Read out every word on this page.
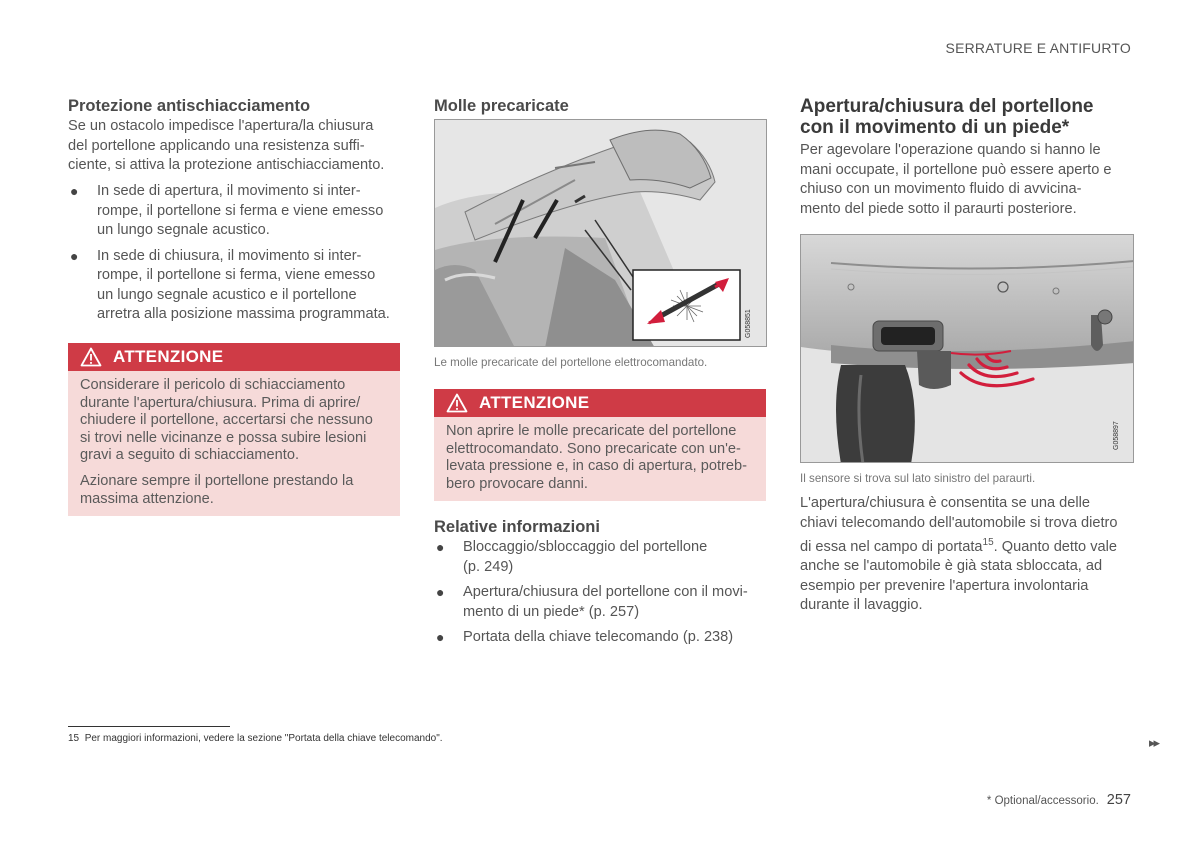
SERRATURE E ANTIFURTO
Protezione antischiacciamento
Se un ostacolo impedisce l'apertura/la chiusura
del portellone applicando una resistenza suffi-
ciente, si attiva la protezione antischiacciamento.
● In sede di apertura, il movimento si inter-
rompe, il portellone si ferma e viene emesso
un lungo segnale acustico.
● In sede di chiusura, il movimento si inter-
rompe, il portellone si ferma, viene emesso
un lungo segnale acustico e il portellone
arretra alla posizione massima programmata.
ATTENZIONE
Considerare il pericolo di schiacciamento
durante l'apertura/chiusura. Prima di aprire/
chiudere il portellone, accertarsi che nessuno
si trovi nelle vicinanze e possa subire lesioni
gravi a seguito di schiacciamento.
Azionare sempre il portellone prestando la
massima attenzione.
Molle precaricate
G058851
Le molle precaricate del portellone elettrocomandato.
ATTENZIONE
Non aprire le molle precaricate del portellone
elettrocomandato. Sono precaricate con un'e-
levata pressione e, in caso di apertura, potreb-
bero provocare danni.
Relative informazioni
● Bloccaggio/sbloccaggio del portellone
(p. 249)
● Apertura/chiusura del portellone con il movi-
mento di un piede* (p. 257)
● Portata della chiave telecomando (p. 238)
Apertura/chiusura del portellone
con il movimento di un piede*
Per agevolare l'operazione quando si hanno le
mani occupate, il portellone può essere aperto e
chiuso con un movimento fluido di avvicina-
mento del piede sotto il paraurti posteriore.
G058897
Il sensore si trova sul lato sinistro del paraurti.
L'apertura/chiusura è consentita se una delle
chiavi telecomando dell'automobile si trova dietro
di essa nel campo di portata$^{15}$. Quanto detto vale
anche se l'automobile è già stata sbloccata, ad
esempio per prevenire l'apertura involontaria
durante il lavaggio.
15 Per maggiori informazioni, vedere la sezione "Portata della chiave telecomando".	▸▸
* Optional/accessorio. 257
